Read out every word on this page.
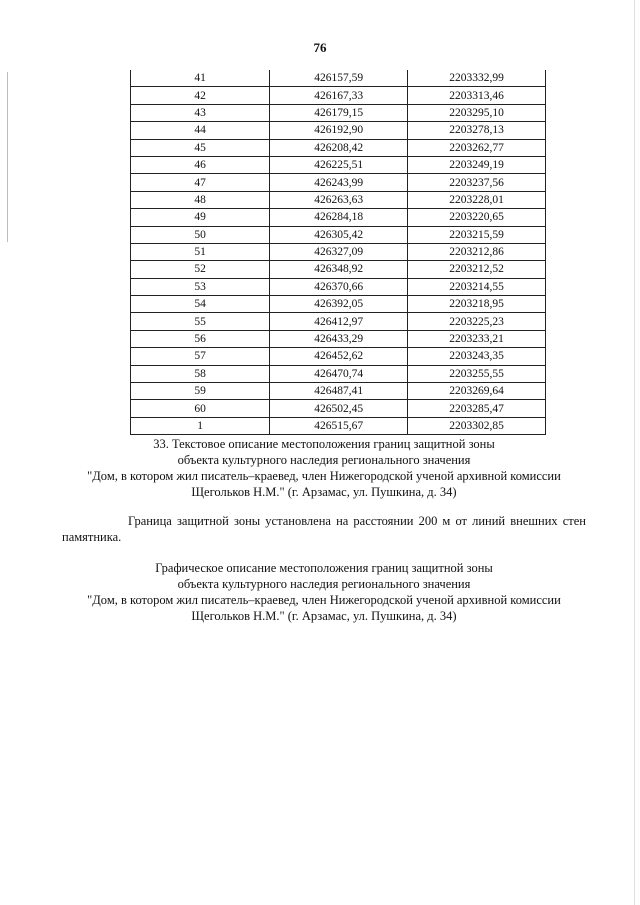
76
41	426157,59	2203332,99
42	426167,33	2203313,46
43	426179,15	2203295,10
44	426192,90	2203278,13
45	426208,42	2203262,77
46	426225,51	2203249,19
47	426243,99	2203237,56
48	426263,63	2203228,01
49	426284,18	2203220,65
50	426305,42	2203215,59
51	426327,09	2203212,86
52	426348,92	2203212,52
53	426370,66	2203214,55
54	426392,05	2203218,95
55	426412,97	2203225,23
56	426433,29	2203233,21
57	426452,62	2203243,35
58	426470,74	2203255,55
59	426487,41	2203269,64
60	426502,45	2203285,47
1	426515,67	2203302,85
33. Текстовое описание местоположения границ защитной зоны
объекта культурного наследия регионального значения
"Дом, в котором жил писатель–краевед, член Нижегородской ученой архивной комиссии
Щегольков Н.М." (г. Арзамас, ул. Пушкина, д. 34)
Граница защитной зоны установлена на расстоянии 200 м от линий внешних стен памятника.
Графическое описание местоположения границ защитной зоны
объекта культурного наследия регионального значения
"Дом, в котором жил писатель–краевед, член Нижегородской ученой архивной комиссии
Щегольков Н.М." (г. Арзамас, ул. Пушкина, д. 34)
